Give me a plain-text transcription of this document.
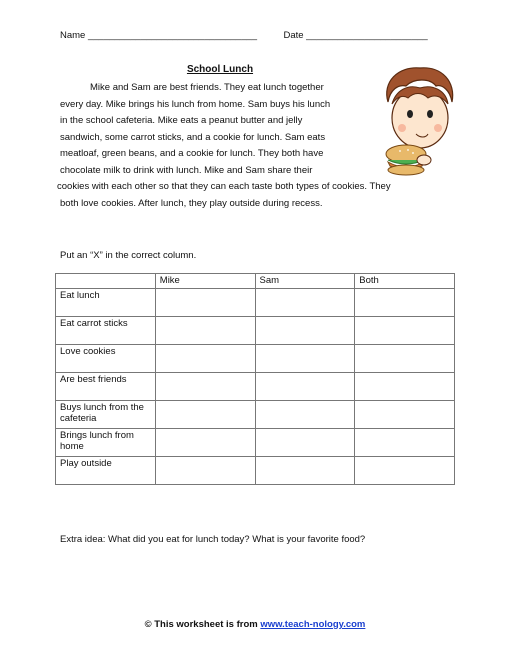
Name ________________________________	Date _______________________
School Lunch
Mike and Sam are best friends. They eat lunch together
every day. Mike brings his lunch from home. Sam buys his lunch
in the school cafeteria. Mike eats a peanut butter and jelly
sandwich, some carrot sticks, and a cookie for lunch. Sam eats
meatloaf, green beans, and a cookie for lunch. They both have
chocolate milk to drink with lunch. Mike and Sam share their
cookies with each other so that they can each taste both types of cookies. They
both love cookies. After lunch, they play outside during recess.
Put an “X” in the correct column.
	Mike	Sam	Both
Eat lunch			
Eat carrot sticks			
Love cookies			
Are best friends			
Buys lunch from the cafeteria			
Brings lunch from home			
Play outside			
Extra idea: What did you eat for lunch today? What is your favorite food?
© This worksheet is from www.teach-nology.com
